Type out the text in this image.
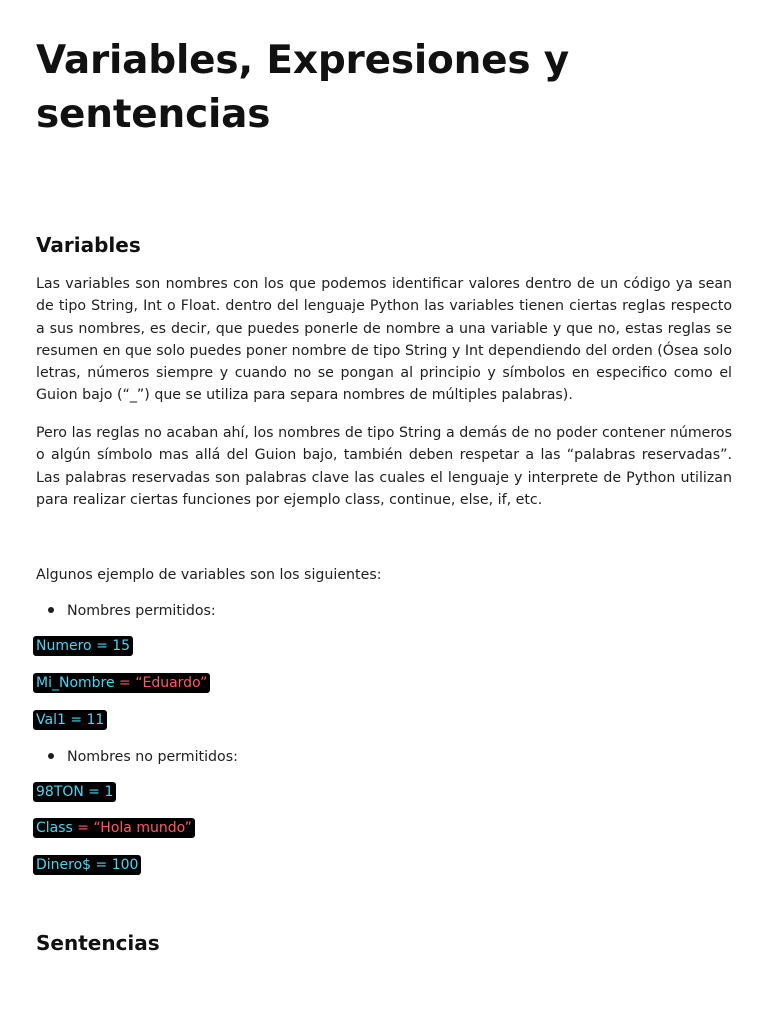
Variables, Expresiones y sentencias
Variables

Las variables son nombres con los que podemos identificar valores dentro de un código ya sean de tipo String, Int o Float. dentro del lenguaje Python las variables tienen ciertas reglas respecto a sus nombres, es decir, que puedes ponerle de nombre a una variable y que no, estas reglas se resumen en que solo puedes poner nombre de tipo String y Int dependiendo del orden (Ósea solo letras, números siempre y cuando no se pongan al principio y símbolos en especifico como el Guion bajo (“_”) que se utiliza para separa nombres de múltiples palabras).

Pero las reglas no acaban ahí, los nombres de tipo String a demás de no poder contener números o algún símbolo mas allá del Guion bajo, también deben respetar a las “palabras reservadas”. Las palabras reservadas son palabras clave las cuales el lenguaje y interprete de Python utilizan para realizar ciertas funciones por ejemplo class, continue, else, if, etc.

Algunos ejemplo de variables son los siguientes:

Nombres permitidos:
Numero = 15
Mi_Nombre = “Eduardo”
Val1 = 11
Nombres no permitidos:
98TON = 1
Class = “Hola mundo”
Dinero$ = 100
Sentencias
